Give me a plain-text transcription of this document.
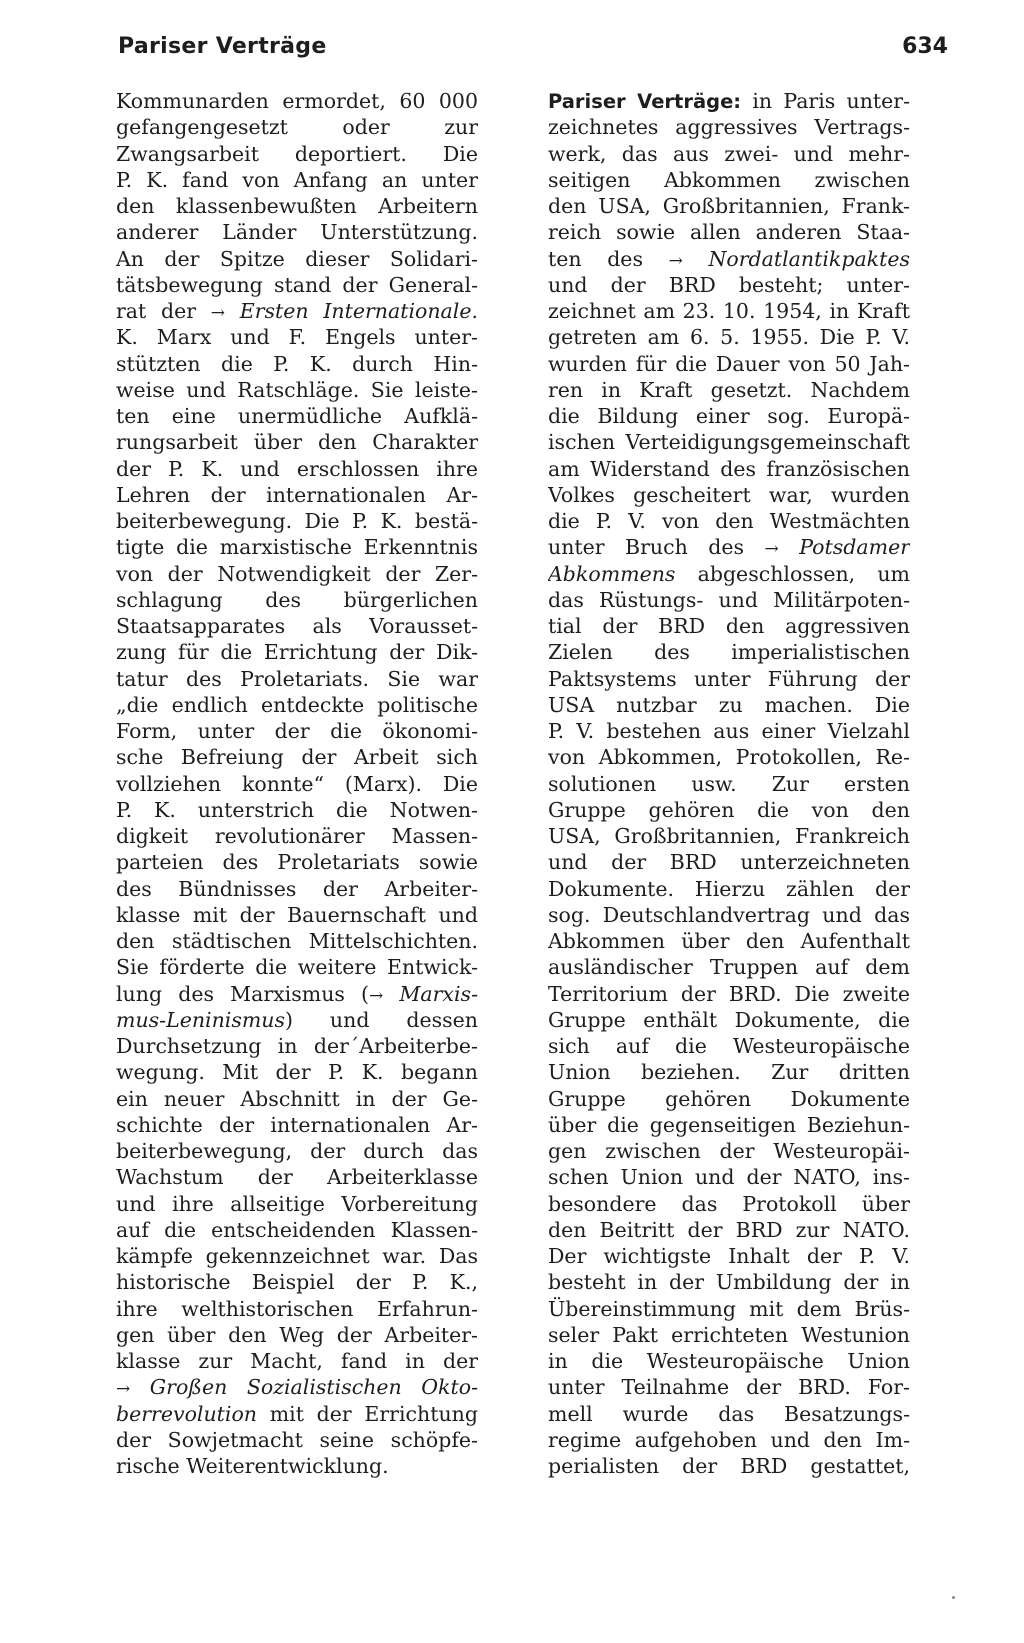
Pariser Verträge	634
Kommunarden ermordet, 60 000
gefangengesetzt oder zur
Zwangsarbeit deportiert. Die
P. K. fand von Anfang an unter
den klassenbewußten Arbeitern
anderer Länder Unterstützung.
An der Spitze dieser Solidari-
tätsbewegung stand der General-
rat der → Ersten Internationale.
K. Marx und F. Engels unter-
stützten die P. K. durch Hin-
weise und Ratschläge. Sie leiste-
ten eine unermüdliche Aufklä-
rungsarbeit über den Charakter
der P. K. und erschlossen ihre
Lehren der internationalen Ar-
beiterbewegung. Die P. K. bestä-
tigte die marxistische Erkenntnis
von der Notwendigkeit der Zer-
schlagung des bürgerlichen
Staatsapparates als Vorausset-
zung für die Errichtung der Dik-
tatur des Proletariats. Sie war
„die endlich entdeckte politische
Form, unter der die ökonomi-
sche Befreiung der Arbeit sich
vollziehen konnte“ (Marx). Die
P. K. unterstrich die Notwen-
digkeit revolutionärer Massen-
parteien des Proletariats sowie
des Bündnisses der Arbeiter-
klasse mit der Bauernschaft und
den städtischen Mittelschichten.
Sie förderte die weitere Entwick-
lung des Marxismus (→ Marxis-
mus-Leninismus) und dessen
Durchsetzung in der´Arbeiterbe-
wegung. Mit der P. K. begann
ein neuer Abschnitt in der Ge-
schichte der internationalen Ar-
beiterbewegung, der durch das
Wachstum der Arbeiterklasse
und ihre allseitige Vorbereitung
auf die entscheidenden Klassen-
kämpfe gekennzeichnet war. Das
historische Beispiel der P. K.,
ihre welthistorischen Erfahrun-
gen über den Weg der Arbeiter-
klasse zur Macht, fand in der
→ Großen Sozialistischen Okto-
berrevolution mit der Errichtung
der Sowjetmacht seine schöpfe-
rische Weiterentwicklung.
Pariser Verträge: in Paris unter-
zeichnetes aggressives Vertrags-
werk, das aus zwei- und mehr-
seitigen Abkommen zwischen
den USA, Großbritannien, Frank-
reich sowie allen anderen Staa-
ten des → Nordatlantikpaktes
und der BRD besteht; unter-
zeichnet am 23. 10. 1954, in Kraft
getreten am 6. 5. 1955. Die P. V.
wurden für die Dauer von 50 Jah-
ren in Kraft gesetzt. Nachdem
die Bildung einer sog. Europä-
ischen Verteidigungsgemeinschaft
am Widerstand des französischen
Volkes gescheitert war, wurden
die P. V. von den Westmächten
unter Bruch des → Potsdamer
Abkommens abgeschlossen, um
das Rüstungs- und Militärpoten-
tial der BRD den aggressiven
Zielen des imperialistischen
Paktsystems unter Führung der
USA nutzbar zu machen. Die
P. V. bestehen aus einer Vielzahl
von Abkommen, Protokollen, Re-
solutionen usw. Zur ersten
Gruppe gehören die von den
USA, Großbritannien, Frankreich
und der BRD unterzeichneten
Dokumente. Hierzu zählen der
sog. Deutschlandvertrag und das
Abkommen über den Aufenthalt
ausländischer Truppen auf dem
Territorium der BRD. Die zweite
Gruppe enthält Dokumente, die
sich auf die Westeuropäische
Union beziehen. Zur dritten
Gruppe gehören Dokumente
über die gegenseitigen Beziehun-
gen zwischen der Westeuropäi-
schen Union und der NATO, ins-
besondere das Protokoll über
den Beitritt der BRD zur NATO.
Der wichtigste Inhalt der P. V.
besteht in der Umbildung der in
Übereinstimmung mit dem Brüs-
seler Pakt errichteten Westunion
in die Westeuropäische Union
unter Teilnahme der BRD. For-
mell wurde das Besatzungs-
regime aufgehoben und den Im-
perialisten der BRD gestattet,
